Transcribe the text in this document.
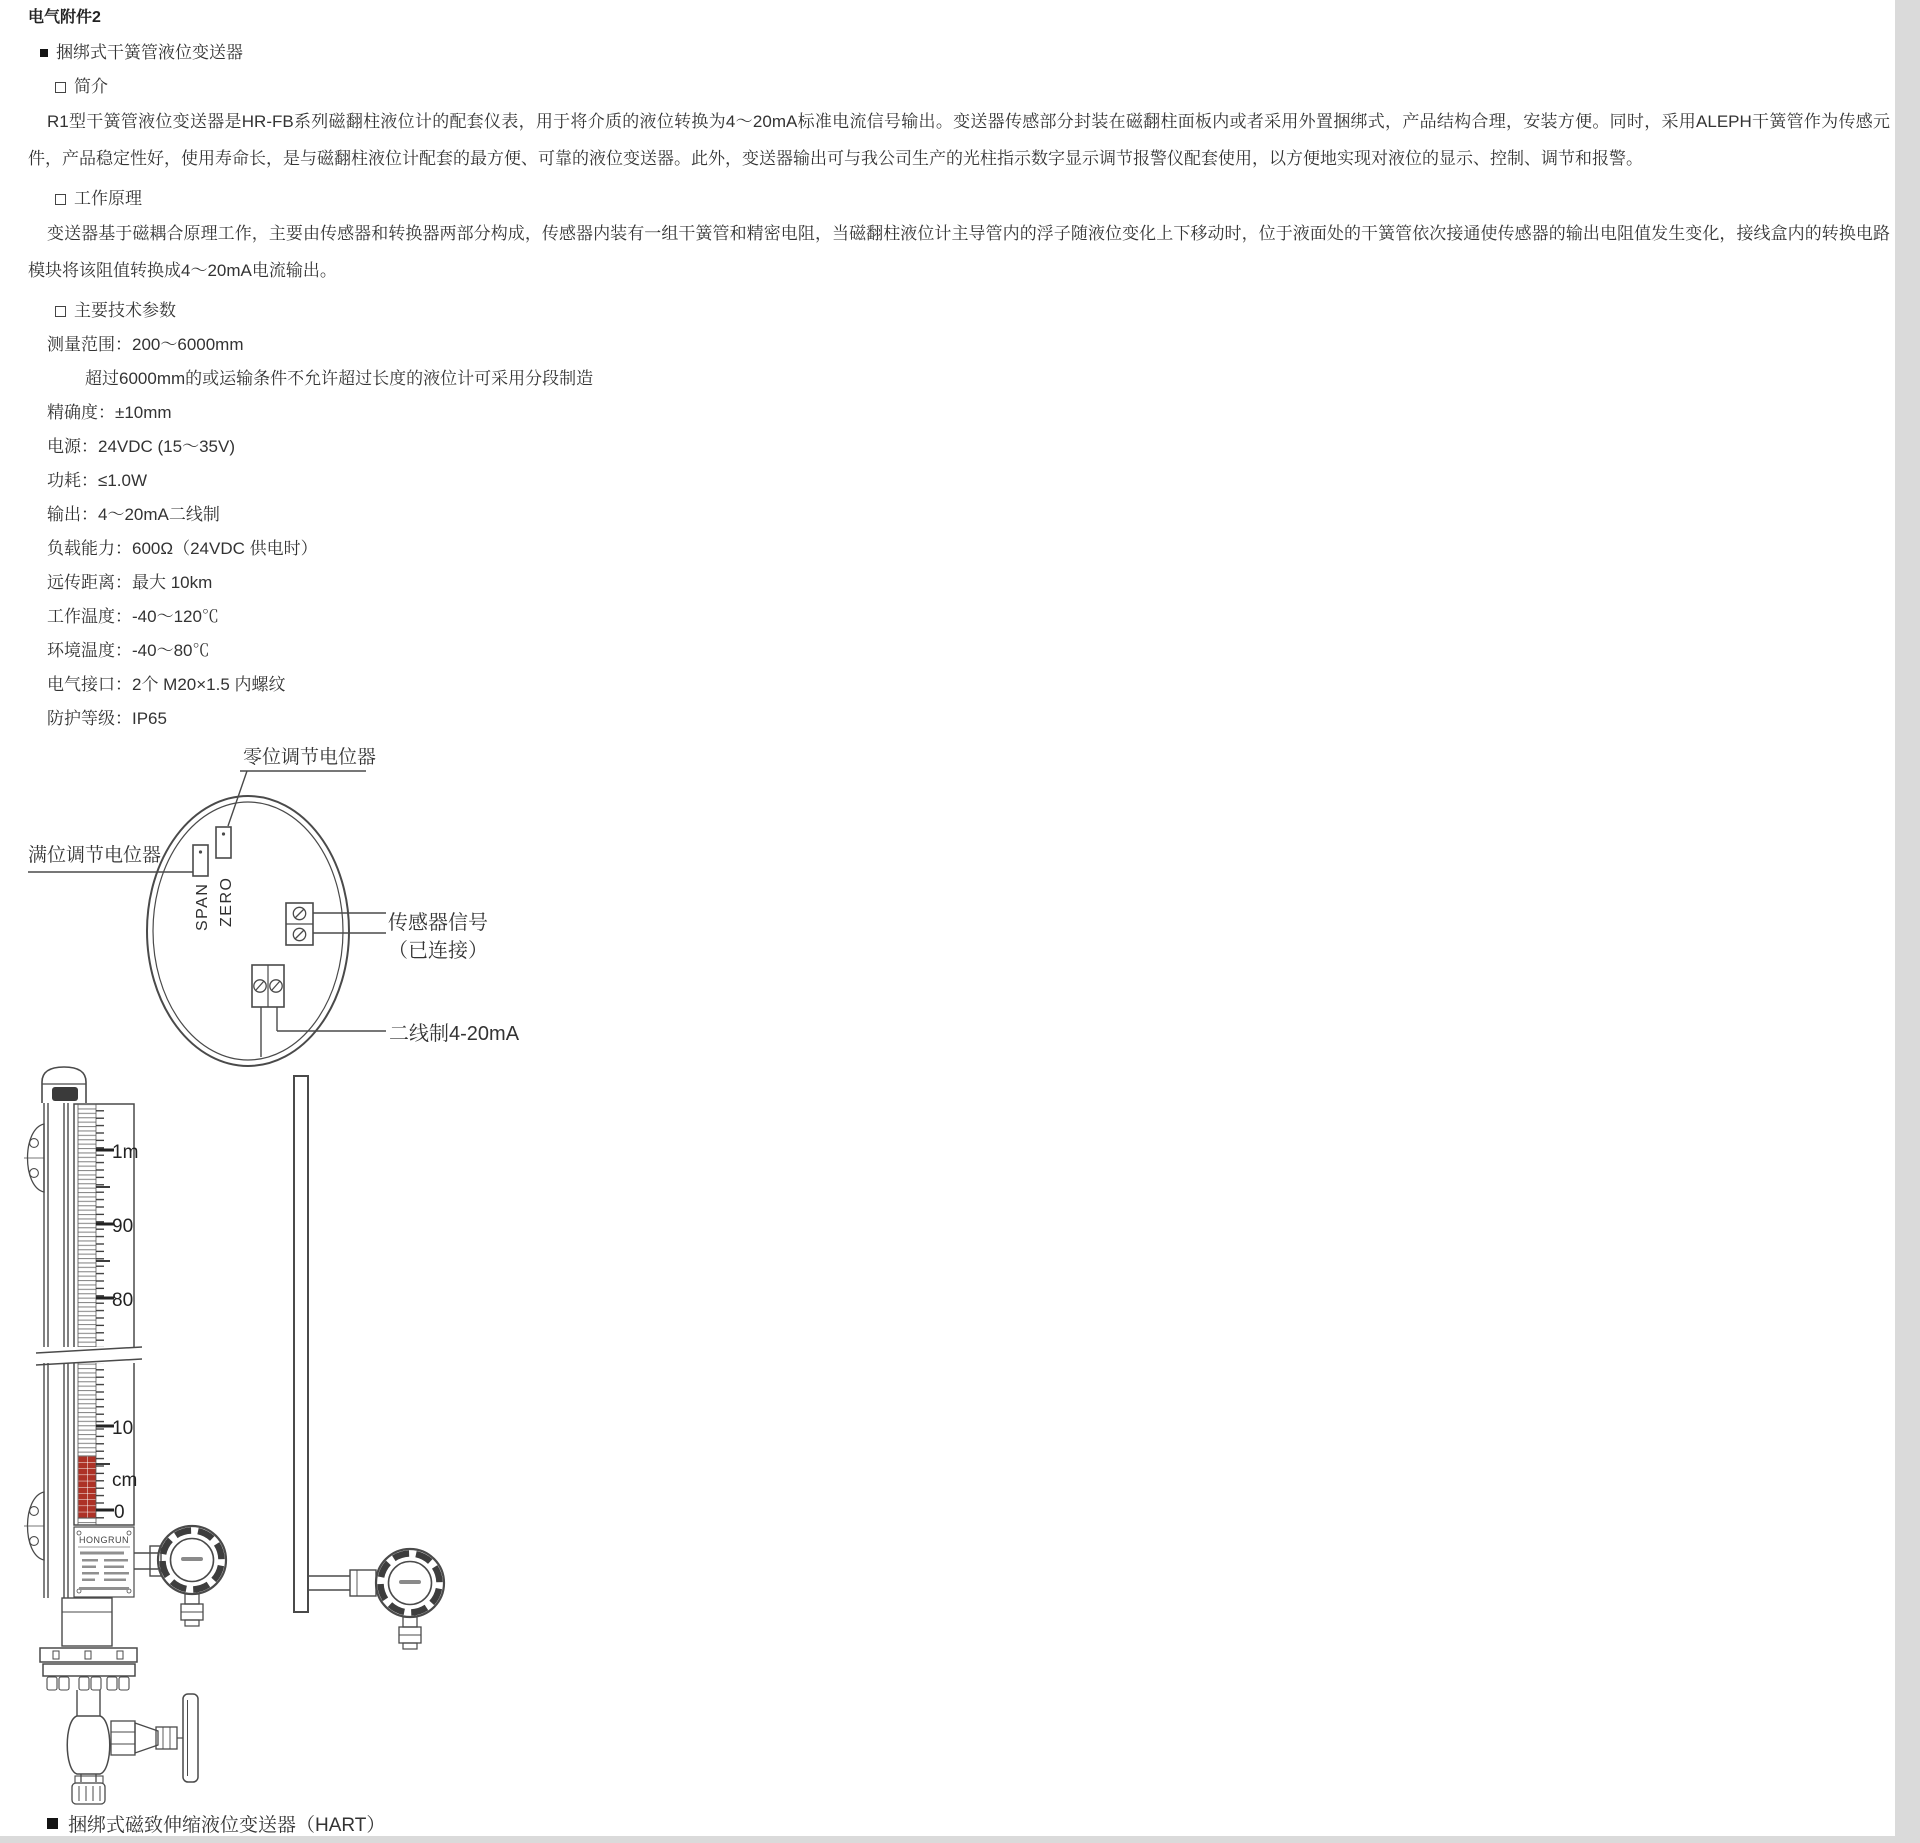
电气附件2
捆绑式干簧管液位变送器
简介
R1型干簧管液位变送器是HR-FB系列磁翻柱液位计的配套仪表，用于将介质的液位转换为4～20mA标准电流信号输出。变送器传感部分封装在磁翻柱面板内或者采用外置捆绑式，产品结构合理，安装方便。同时，采用ALEPH干簧管作为传感元件，产品稳定性好，使用寿命长，是与磁翻柱液位计配套的最方便、可靠的液位变送器。此外，变送器输出可与我公司生产的光柱指示数字显示调节报警仪配套使用，以方便地实现对液位的显示、控制、调节和报警。
工作原理
变送器基于磁耦合原理工作，主要由传感器和转换器两部分构成，传感器内装有一组干簧管和精密电阻，当磁翻柱液位计主导管内的浮子随液位变化上下移动时，位于液面处的干簧管依次接通使传感器的输出电阻值发生变化，接线盒内的转换电路模块将该阻值转换成4～20mA电流输出。
主要技术参数
测量范围：200～6000mm
超过6000mm的或运输条件不允许超过长度的液位计可采用分段制造
精确度：±10mm
电源：24VDC (15～35V)
功耗：≤1.0W
输出：4～20mA二线制
负载能力：600Ω（24VDC 供电时）
远传距离：最大 10km
工作温度：-40～120℃
环境温度：-40～80℃
电气接口：2个 M20×1.5 内螺纹
防护等级：IP65
零位调节电位器
满位调节电位器
SPAN ZERO	传感器信号
（已连接）
二线制4-20mA
1m
90
80
10
cm
0
HONGRUN
捆绑式磁致伸缩液位变送器（HART）
